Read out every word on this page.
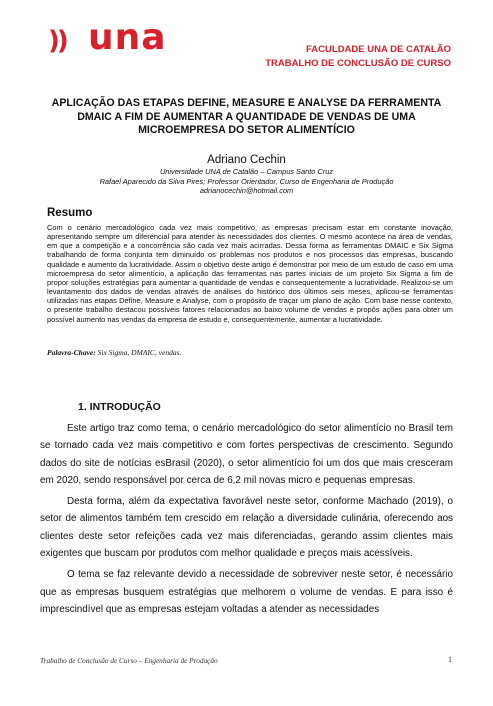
)) una	FACULDADE UNA DE CATALÃO
TRABALHO DE CONCLUSÃO DE CURSO
APLICAÇÃO DAS ETAPAS DEFINE, MEASURE E ANALYSE DA FERRAMENTA DMAIC A FIM DE AUMENTAR A QUANTIDADE DE VENDAS DE UMA MICROEMPRESA DO SETOR ALIMENTÍCIO
Adriano Cechin
Universidade UNA de Catalão – Campus Santo Cruz
Rafael Aparecido da Silva Pires; Professor Orientador, Curso de Engenharia de Produção
adrianocechin@hotmail.com
Resumo
Com o cenário mercadológico cada vez mais competitivo, as empresas precisam estar em constante inovação, apresentando sempre um diferencial para atender às necessidades dos clientes. O mesmo acontece na área de vendas, em que a competição e a concorrência são cada vez mais acirradas. Dessa forma as ferramentas DMAIC e Six Sigma trabalhando de forma conjunta tem diminuído os problemas nos produtos e nos processos das empresas, buscando qualidade e aumento da lucratividade. Assim o objetivo deste artigo é demonstrar por meio de um estudo de caso em uma microempresa do setor alimentício, a aplicação das ferramentas nas partes iniciais de um projeto Six Sigma a fim de propor soluções estratégias para aumentar a quantidade de vendas e consequentemente a lucratividade. Realizou-se um levantamento dos dados de vendas através de análises do histórico dos últimos seis meses, aplicou-se ferramentas utilizadas nas etapas Define, Measure e Analyse, com o propósito de traçar um plano de ação. Com base nesse contexto, o presente trabalho destacou possíveis fatores relacionados ao baixo volume de vendas e propôs ações para obter um possível aumento nas vendas da empresa de estudo e, consequentemente, aumentar a lucratividade.
Palavra-Chave: Six Sigma, DMAIC, vendas.
1. INTRODUÇÃO

Este artigo traz como tema, o cenário mercadológico do setor alimentício no Brasil tem se tornado cada vez mais competitivo e com fortes perspectivas de crescimento. Segundo dados do site de notícias esBrasil (2020), o setor alimentício foi um dos que mais cresceram em 2020, sendo responsável por cerca de 6,2 mil novas micro e pequenas empresas.

Desta forma, além da expectativa favorável neste setor, conforme Machado (2019), o setor de alimentos também tem crescido em relação a diversidade culinária, oferecendo aos clientes deste setor refeições cada vez mais diferenciadas, gerando assim clientes mais exigentes que buscam por produtos com melhor qualidade e preços mais acessíveis.

O tema se faz relevante devido a necessidade de sobreviver neste setor, é necessário que as empresas busquem estratégias que melhorem o volume de vendas. E para isso é imprescindível que as empresas estejam voltadas a atender as necessidades

Trabalho de Conclusão de Curso – Engenharia de Produção	1
